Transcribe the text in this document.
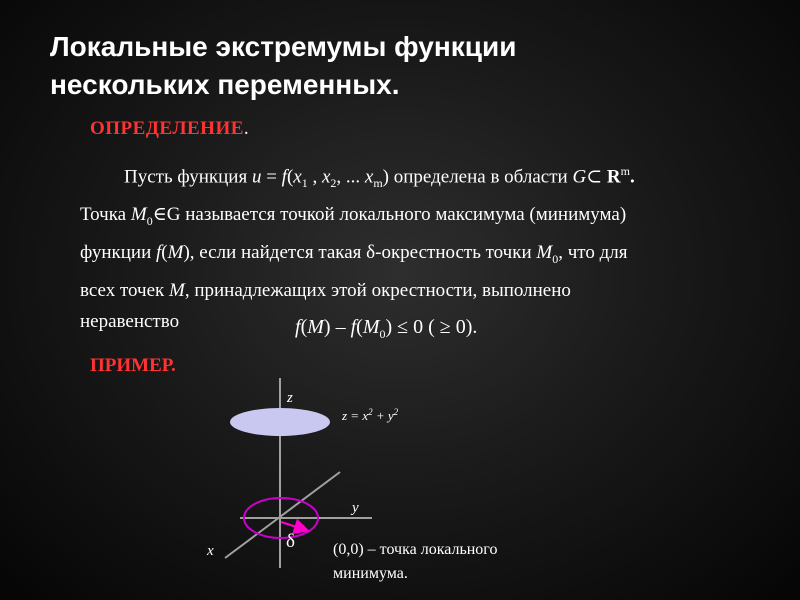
Локальные экстремумы функции
нескольких переменных.
ОПРЕДЕЛЕНИЕ.
Пусть функция $u = f(x_1$ , $x_2$, ... $x_m$) определена в области G⊂ $R^m$.
Точка $M_0\in G$ называется точкой локального максимума (минимума)
функции f(M), если найдется такая δ-окрестность точки $M_0$, что для
всех точек M, принадлежащих этой окрестности, выполнено
неравенство	$f(M) - f(M_0) \le 0$ ( ≥ 0).
ПРИМЕР.
z
y
x	δ
$z = x^2 + y^2$
(0,0) – точка локального
минимума.
